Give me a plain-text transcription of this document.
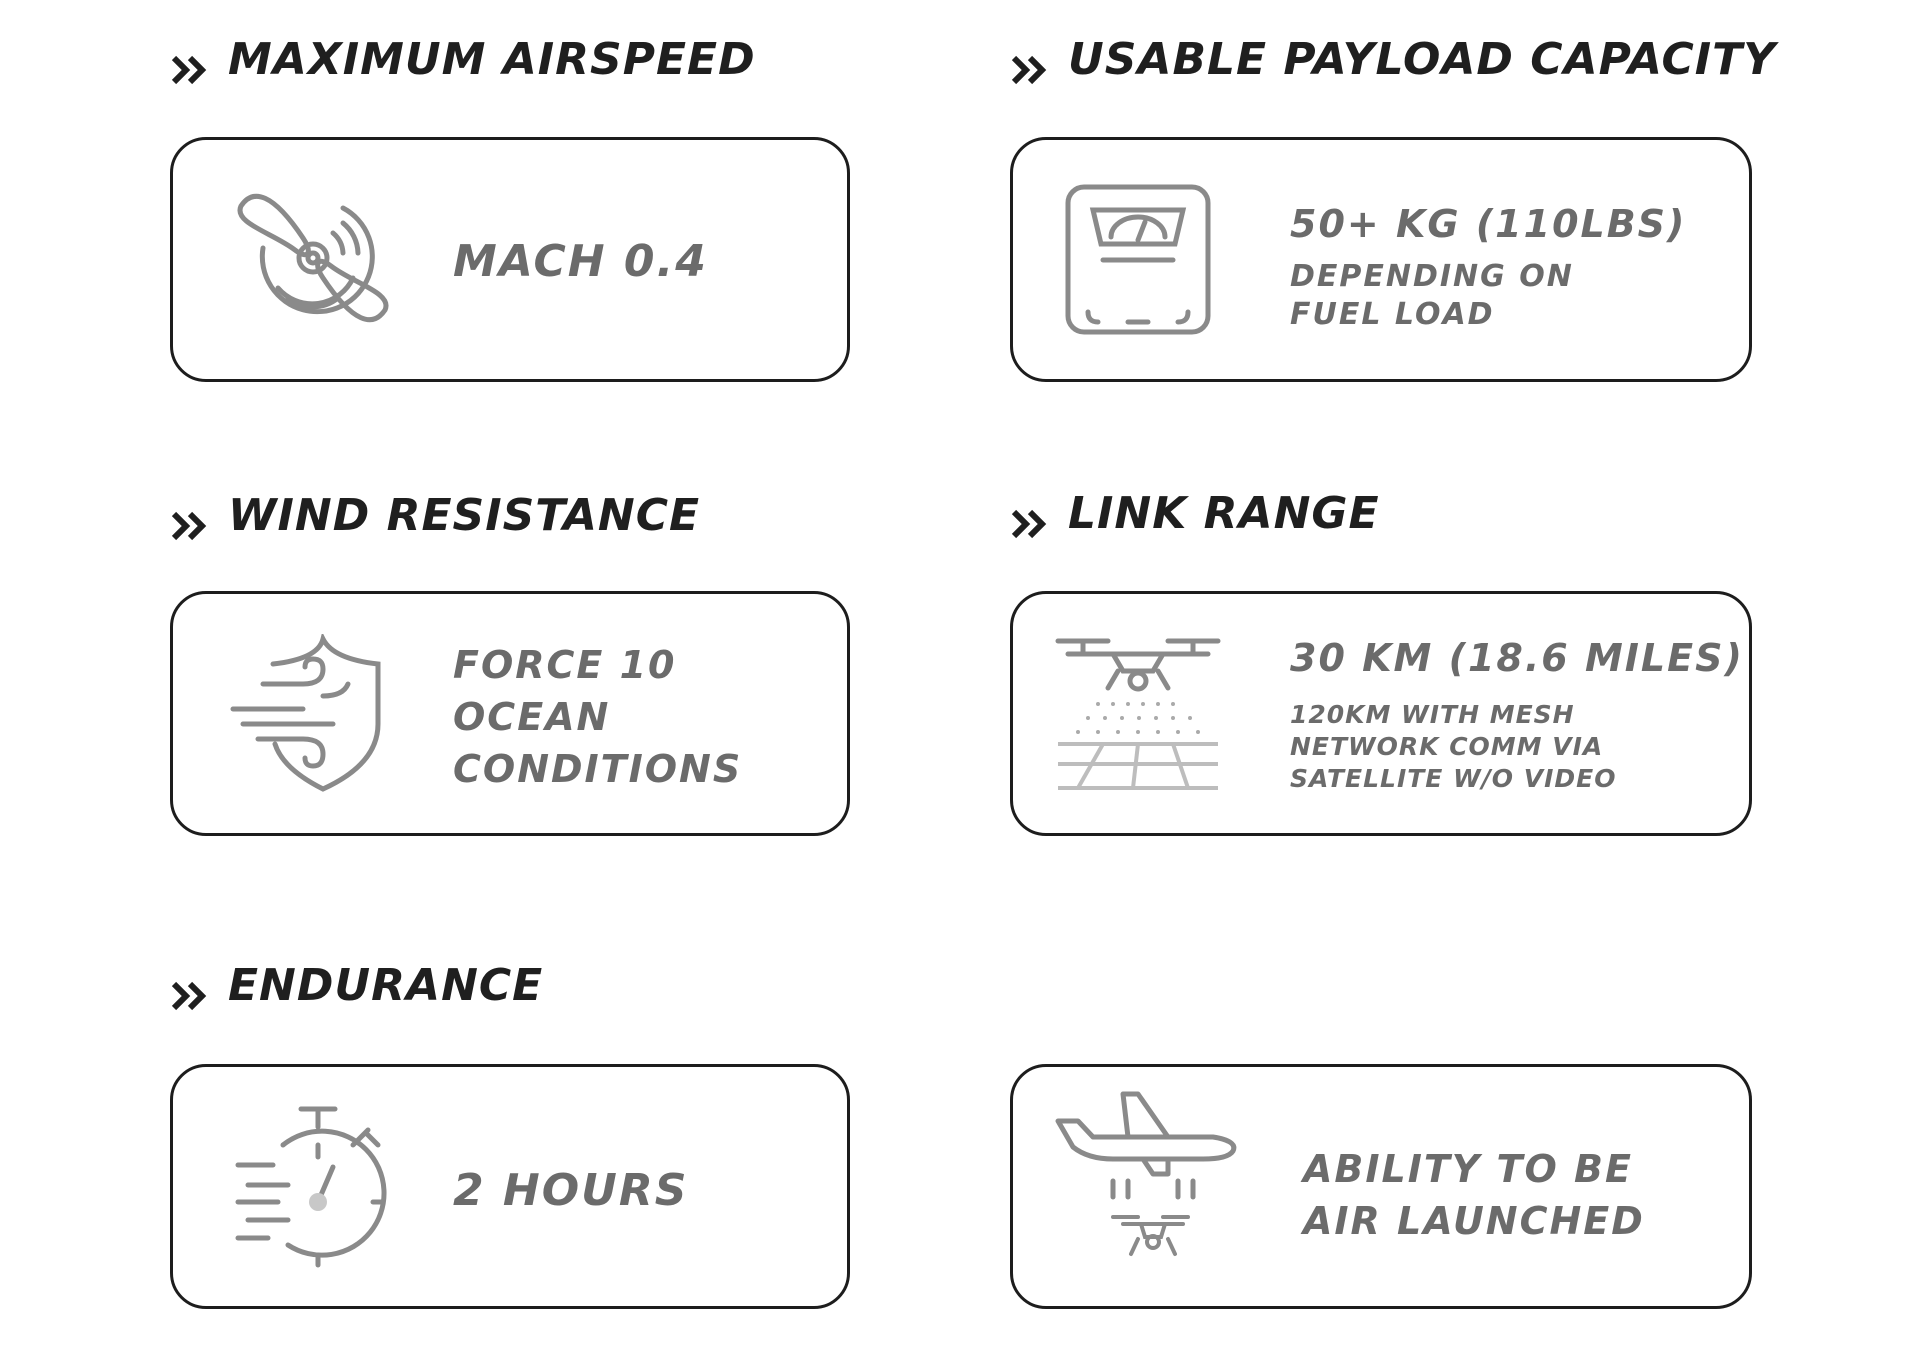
MAXIMUM AIRSPEED

MACH 0.4

USABLE PAYLOAD CAPACITY

50+ KG (110LBS)

DEPENDING ON

FUEL LOAD

WIND RESISTANCE

FORCE 10

OCEAN

CONDITIONS

LINK RANGE

30 KM (18.6 MILES)

120KM WITH MESH

NETWORK COMM VIA

SATELLITE W/O VIDEO

ENDURANCE

2 HOURS	ABILITY TO BE

AIR LAUNCHED
